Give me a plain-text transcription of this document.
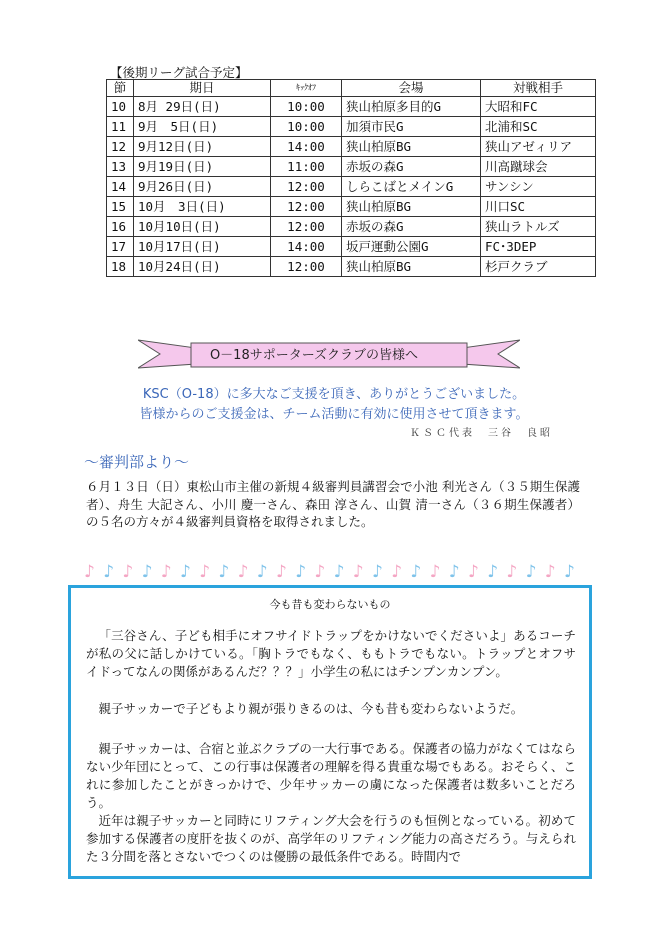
【後期リーグ試合予定】
節	期日	ｷｯｸｵﾌ	会場	対戦相手
10	8月 29日(日)	10:00	狭山柏原多目的G	大昭和FC
11	9月　5日(日)	10:00	加須市民G	北浦和SC
12	9月12日(日)	14:00	狭山柏原BG	狭山アゼィリア
13	9月19日(日)	11:00	赤坂の森G	川高蹴球会
14	9月26日(日)	12:00	しらこばとメインG	サンシン
15	10月　3日(日)	12:00	狭山柏原BG	川口SC
16	10月10日(日)	12:00	赤坂の森G	狭山ラトルズ
17	10月17日(日)	14:00	坂戸運動公園G	FC･3DEP
18	10月24日(日)	12:00	狭山柏原BG	杉戸クラブ
O－18サポーターズクラブの皆様へ
KSC（O-18）に多大なご支援を頂き、ありがとうございました。
皆様からのご支援金は、チーム活動に有効に使用させて頂きます。
ＫＳＣ代表　三谷　良昭
～審判部より～
６月１３日（日）東松山市主催の新規４級審判員講習会で小池 利光さん（３５期生保護者）、舟生 大記さん、小川 慶一さん、森田 淳さん、山賀 清一さん（３６期生保護者）の５名の方々が４級審判員資格を取得されました。
♪ ♪ ♪ ♪ ♪ ♪ ♪ ♪ ♪ ♪ ♪ ♪ ♪ ♪ ♪ ♪ ♪ ♪ ♪ ♪ ♪ ♪ ♪ ♪ ♪ ♪
今も昔も変わらないもの
「三谷さん、子ども相手にオフサイドトラップをかけないでくださいよ」あるコーチが私の父に話しかけている。「胸トラでもなく、ももトラでもない。トラップとオフサイドってなんの関係があるんだ？？？」小学生の私にはチンプンカンプン。
親子サッカーで子どもより親が張りきるのは、今も昔も変わらないようだ。
親子サッカーは、合宿と並ぶクラブの一大行事である。保護者の協力がなくてはならない少年団にとって、この行事は保護者の理解を得る貴重な場でもある。おそらく、これに参加したことがきっかけで、少年サッカーの虜になった保護者は数多いことだろう。
近年は親子サッカーと同時にリフティング大会を行うのも恒例となっている。初めて参加する保護者の度肝を抜くのが、高学年のリフティング能力の高さだろう。与えられた３分間を落とさないでつくのは優勝の最低条件である。時間内で
